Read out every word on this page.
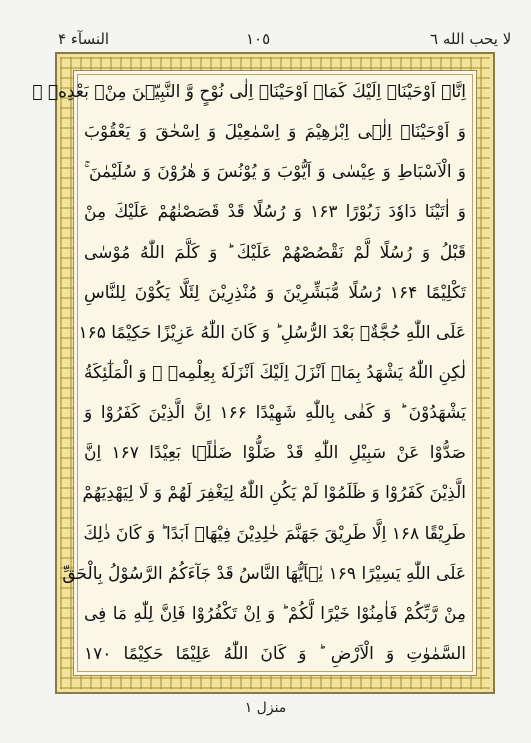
النسآء ۴	١٠٥	لا يحب الله ٦
اِنَّاۤ اَوْحَیْنَاۤ اِلَیْكَ كَمَاۤ اَوْحَیْنَاۤ اِلٰی نُوْحٍ وَّ النَّبِیّٖنَ مِنْۢ بَعْدِهٖ ۚ
وَ اَوْحَیْنَاۤ اِلٰۤی اِبْرٰهِیْمَ وَ اِسْمٰعِیْلَ وَ اِسْحٰقَ وَ یَعْقُوْبَ
وَ الْاَسْبَاطِ وَ عِیْسٰی وَ اَیُّوْبَ وَ یُوْنُسَ وَ هٰرُوْنَ وَ سُلَیْمٰنَ ۚ
وَ اٰتَیْنَا دَاوٗدَ زَبُوْرًا ۱۶۳ وَ رُسُلًا قَدْ قَصَصْنٰهُمْ عَلَیْكَ مِنْ
قَبْلُ وَ رُسُلًا لَّمْ نَقْصُصْهُمْ عَلَیْكَ ؕ وَ كَلَّمَ اللّٰهُ مُوْسٰی
تَكْلِیْمًا ۱۶۴ رُسُلًا مُّبَشِّرِیْنَ وَ مُنْذِرِیْنَ لِئَلَّا یَكُوْنَ لِلنَّاسِ
عَلَی اللّٰهِ حُجَّةٌۢ بَعْدَ الرُّسُلِ ؕ وَ كَانَ اللّٰهُ عَزِیْزًا حَكِیْمًا ۱۶۵
لٰكِنِ اللّٰهُ یَشْهَدُ بِمَاۤ اَنْزَلَ اِلَیْكَ اَنْزَلَهٗ بِعِلْمِهٖ ۚ وَ الْمَلٰٓئِكَةُ
یَشْهَدُوْنَ ؕ وَ كَفٰی بِاللّٰهِ شَهِیْدًا ۱۶۶ اِنَّ الَّذِیْنَ كَفَرُوْا وَ
صَدُّوْا عَنْ سَبِیْلِ اللّٰهِ قَدْ ضَلُّوْا ضَلٰلًۢا بَعِیْدًا ۱۶۷ اِنَّ
الَّذِیْنَ كَفَرُوْا وَ ظَلَمُوْا لَمْ یَكُنِ اللّٰهُ لِیَغْفِرَ لَهُمْ وَ لَا لِیَهْدِیَهُمْ
طَرِیْقًا ۱۶۸ اِلَّا طَرِیْقَ جَهَنَّمَ خٰلِدِیْنَ فِیْهَاۤ اَبَدًا ؕ وَ كَانَ ذٰلِكَ
عَلَی اللّٰهِ یَسِیْرًا ۱۶۹ یٰۤاَیُّهَا النَّاسُ قَدْ جَآءَكُمُ الرَّسُوْلُ بِالْحَقِّ
مِنْ رَّبِّكُمْ فَاٰمِنُوْا خَیْرًا لَّكُمْ ؕ وَ اِنْ تَكْفُرُوْا فَاِنَّ لِلّٰهِ مَا فِی
السَّمٰوٰتِ وَ الْاَرْضِ ؕ وَ كَانَ اللّٰهُ عَلِیْمًا حَكِیْمًا ۱۷۰
منزل ۱
